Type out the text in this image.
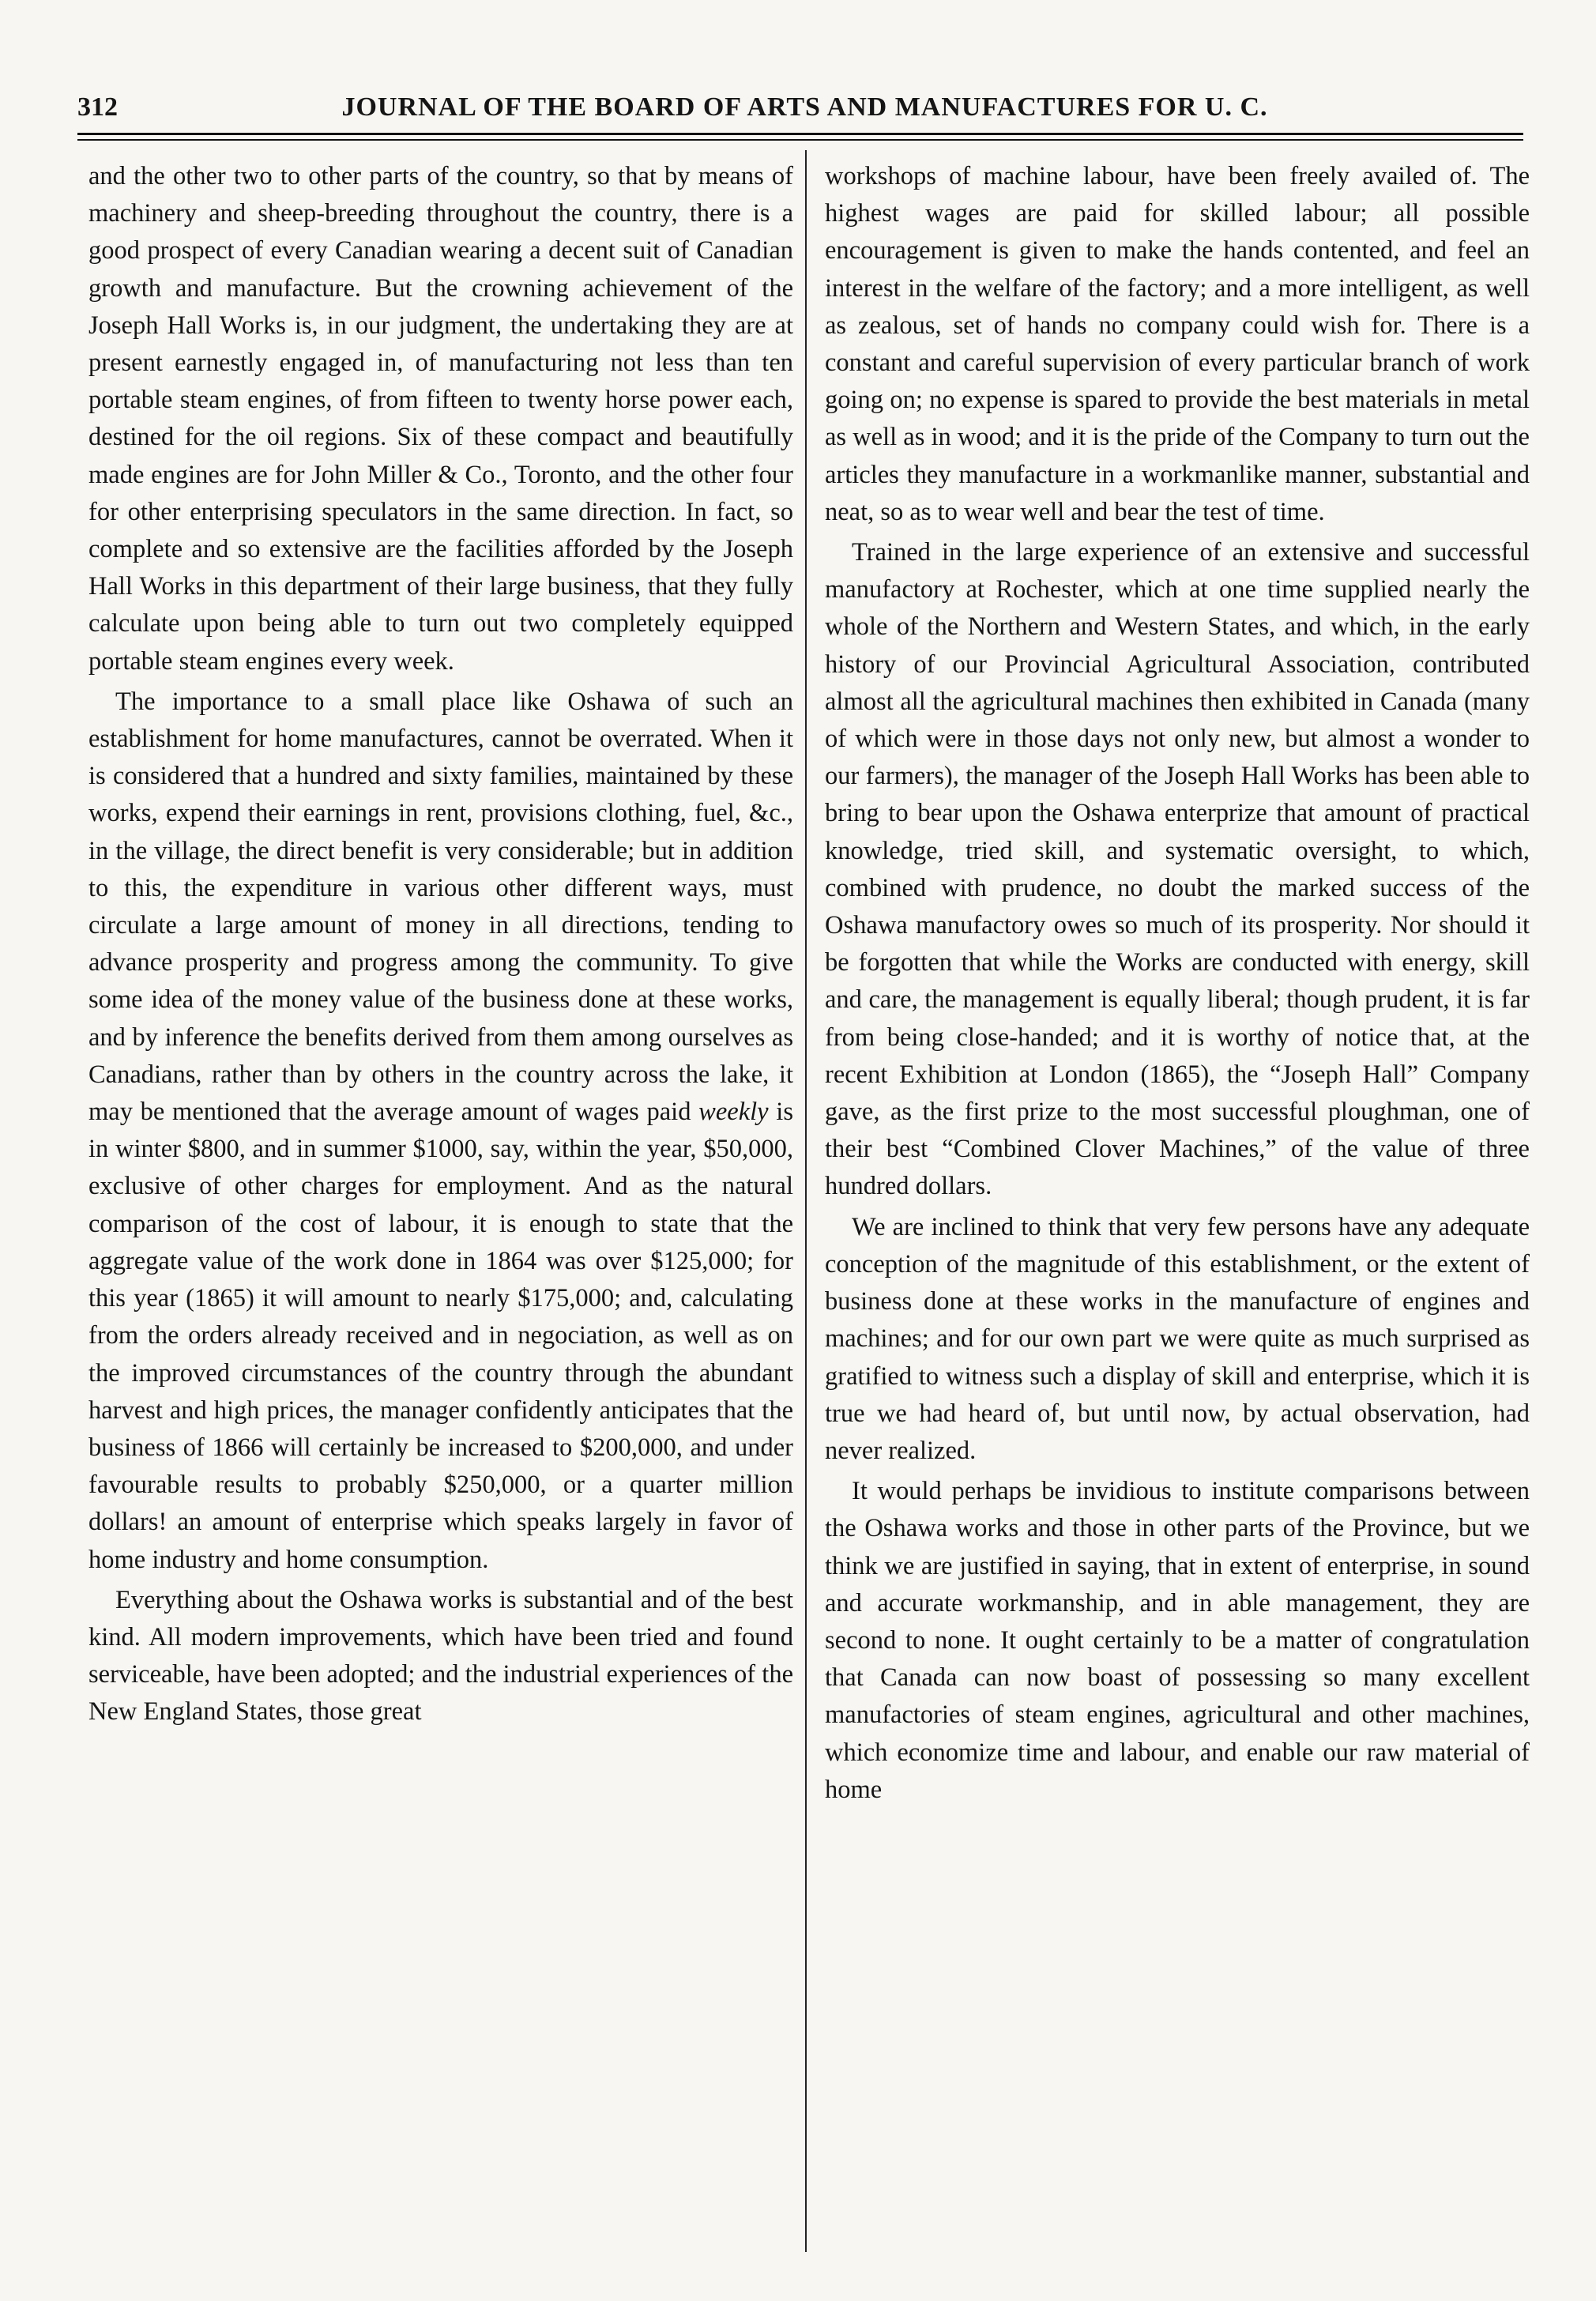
312	JOURNAL OF THE BOARD OF ARTS AND MANUFACTURES FOR U. C.

and the other two to other parts of the country, so that by means of machinery and sheep-breeding throughout the country, there is a good prospect of every Canadian wearing a decent suit of Canadian growth and manufacture. But the crowning achievement of the Joseph Hall Works is, in our judgment, the undertaking they are at present earnestly engaged in, of manufacturing not less than ten portable steam engines, of from fifteen to twenty horse power each, destined for the oil regions. Six of these compact and beautifully made engines are for John Miller & Co., Toronto, and the other four for other enterprising speculators in the same direction. In fact, so complete and so extensive are the facilities afforded by the Joseph Hall Works in this department of their large business, that they fully calculate upon being able to turn out two completely equipped portable steam engines every week.

The importance to a small place like Oshawa of such an establishment for home manufactures, cannot be overrated. When it is considered that a hundred and sixty families, maintained by these works, expend their earnings in rent, provisions clothing, fuel, &c., in the village, the direct benefit is very considerable; but in addition to this, the expenditure in various other different ways, must circulate a large amount of money in all directions, tending to advance prosperity and progress among the community. To give some idea of the money value of the business done at these works, and by inference the benefits derived from them among ourselves as Canadians, rather than by others in the country across the lake, it may be mentioned that the average amount of wages paid weekly is in winter $800, and in summer $1000, say, within the year, $50,000, exclusive of other charges for employment. And as the natural comparison of the cost of labour, it is enough to state that the aggregate value of the work done in 1864 was over $125,000; for this year (1865) it will amount to nearly $175,000; and, calculating from the orders already received and in negociation, as well as on the improved circumstances of the country through the abundant harvest and high prices, the manager confidently anticipates that the business of 1866 will certainly be increased to $200,000, and under favourable results to probably $250,000, or a quarter million dollars! an amount of enterprise which speaks largely in favor of home industry and home consumption.

Everything about the Oshawa works is substantial and of the best kind. All modern improvements, which have been tried and found serviceable, have been adopted; and the industrial experiences of the New England States, those great

workshops of machine labour, have been freely availed of. The highest wages are paid for skilled labour; all possible encouragement is given to make the hands contented, and feel an interest in the welfare of the factory; and a more intelligent, as well as zealous, set of hands no company could wish for. There is a constant and careful supervision of every particular branch of work going on; no expense is spared to provide the best materials in metal as well as in wood; and it is the pride of the Company to turn out the articles they manufacture in a workmanlike manner, substantial and neat, so as to wear well and bear the test of time.

Trained in the large experience of an extensive and successful manufactory at Rochester, which at one time supplied nearly the whole of the Northern and Western States, and which, in the early history of our Provincial Agricultural Association, contributed almost all the agricultural machines then exhibited in Canada (many of which were in those days not only new, but almost a wonder to our farmers), the manager of the Joseph Hall Works has been able to bring to bear upon the Oshawa enterprize that amount of practical knowledge, tried skill, and systematic oversight, to which, combined with prudence, no doubt the marked success of the Oshawa manufactory owes so much of its prosperity. Nor should it be forgotten that while the Works are conducted with energy, skill and care, the management is equally liberal; though prudent, it is far from being close-handed; and it is worthy of notice that, at the recent Exhibition at London (1865), the “Joseph Hall” Company gave, as the first prize to the most successful ploughman, one of their best “Combined Clover Machines,” of the value of three hundred dollars.

We are inclined to think that very few persons have any adequate conception of the magnitude of this establishment, or the extent of business done at these works in the manufacture of engines and machines; and for our own part we were quite as much surprised as gratified to witness such a display of skill and enterprise, which it is true we had heard of, but until now, by actual observation, had never realized.

It would perhaps be invidious to institute comparisons between the Oshawa works and those in other parts of the Province, but we think we are justified in saying, that in extent of enterprise, in sound and accurate workmanship, and in able management, they are second to none. It ought certainly to be a matter of congratulation that Canada can now boast of possessing so many excellent manufactories of steam engines, agricultural and other machines, which economize time and labour, and enable our raw material of home
